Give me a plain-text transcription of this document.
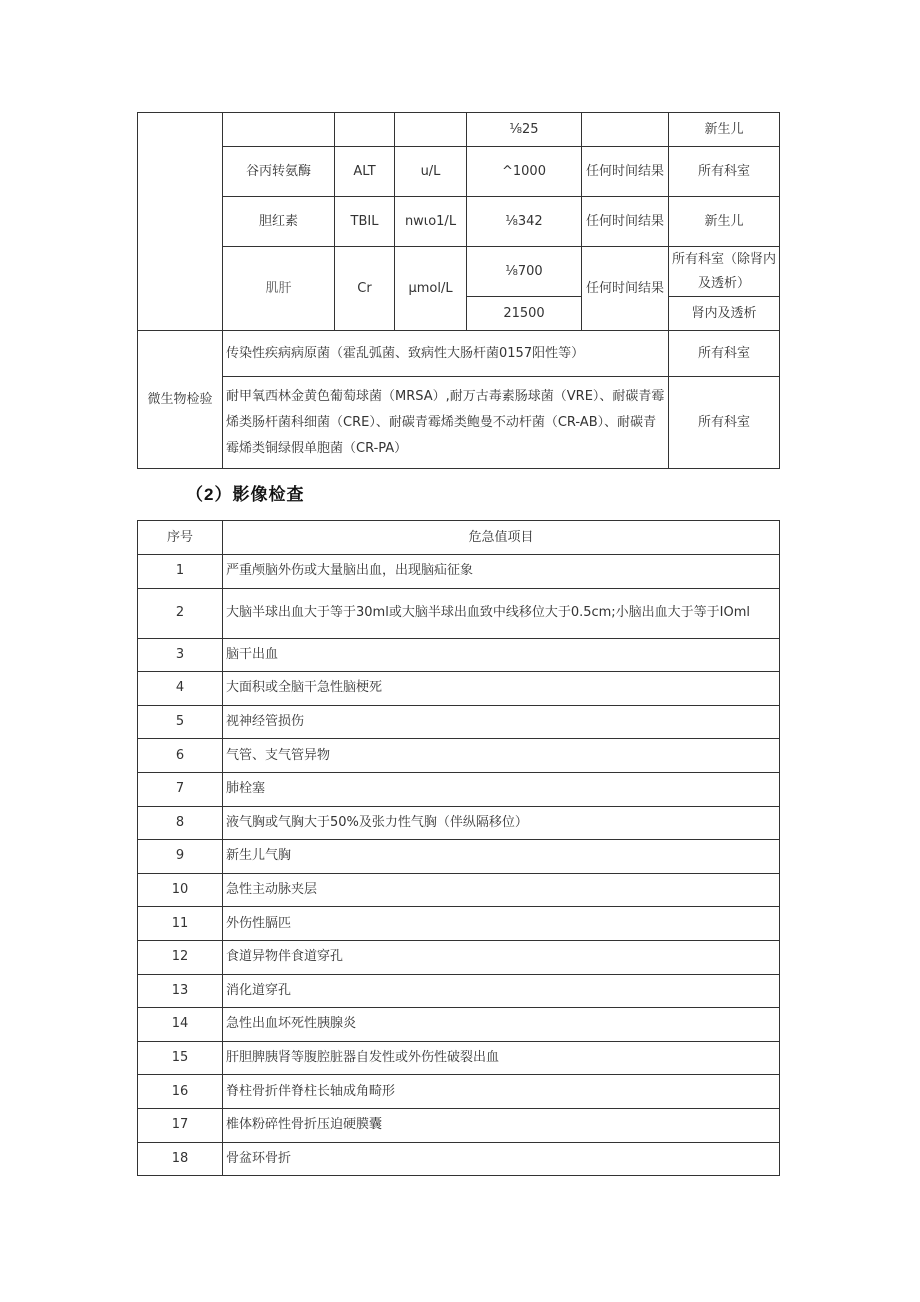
				⅛25		新生儿
	谷丙转氨酶	ALT	u/L	^1000	任何时间结果	所有科室
	胆红素	TBIL	nwιo1/L	⅛342	任何时间结果	新生儿
	肌肝	Cr	μmol/L	⅛700	任何时间结果	所有科室（除肾内及透析）
				21500		肾内及透析

微生物检验	传染性疾病病原菌（霍乱弧菌、致病性大肠杆菌0157阳性等）					所有科室
	耐甲氧西林金黄色葡萄球菌（MRSA）,耐万古毒素肠球菌（VRE）、耐碳青霉烯类肠杆菌科细菌（CRE）、耐碳青霉烯类鲍曼不动杆菌（CR-AB）、耐碳青霉烯类铜绿假单胞菌（CR-PA）					所有科室
（2）影像检查
序号	危急值项目
1	严重颅脑外伤或大量脑出血，出现脑疝征象
2	大脑半球出血大于等于30ml或大脑半球出血致中线移位大于0.5cm;小脑出血大于等于IOml
3	脑干出血
4	大面积或全脑干急性脑梗死
5	视神经管损伤
6	气管、支气管异物
7	肺栓塞
8	液气胸或气胸大于50%及张力性气胸（伴纵隔移位）
9	新生儿气胸
10	急性主动脉夹层
11	外伤性膈匹
12	食道异物伴食道穿孔
13	消化道穿孔
14	急性出血坏死性胰腺炎
15	肝胆脾胰肾等腹腔脏器自发性或外伤性破裂出血
16	脊柱骨折伴脊柱长轴成角畸形
17	椎体粉碎性骨折压迫硬膜囊
18	骨盆环骨折
